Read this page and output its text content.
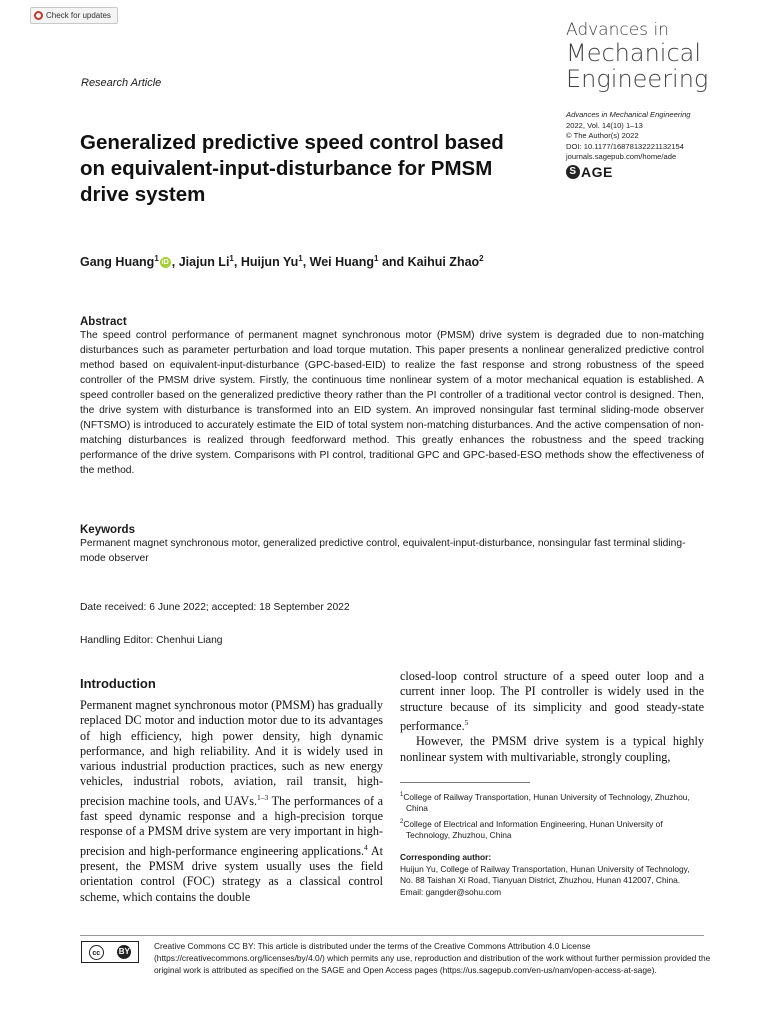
Check for updates
Advances in
Mechanical
Engineering
Research Article
Advances in Mechanical Engineering
2022, Vol. 14(10) 1–13
© The Author(s) 2022
DOI: 10.1177/16878132221132154
journals.sagepub.com/home/ade
S AGE
Generalized predictive speed control based on equivalent-input-disturbance for PMSM drive system
Gang Huang$^1$ iD , Jiajun Li$^1$, Huijun Yu$^1$, Wei Huang$^1$ and Kaihui Zhao$^2$
Abstract

The speed control performance of permanent magnet synchronous motor (PMSM) drive system is degraded due to non-matching disturbances such as parameter perturbation and load torque mutation. This paper presents a nonlinear generalized predictive control method based on equivalent-input-disturbance (GPC-based-EID) to realize the fast response and strong robustness of the speed controller of the PMSM drive system. Firstly, the continuous time nonlinear system of a motor mechanical equation is established. A speed controller based on the generalized predictive theory rather than the PI controller of a traditional vector control is designed. Then, the drive system with disturbance is transformed into an EID system. An improved nonsingular fast terminal sliding-mode observer (NFTSMO) is introduced to accurately estimate the EID of total system non-matching disturbances. And the active compensation of non-matching disturbances is realized through feedforward method. This greatly enhances the robustness and the speed tracking performance of the drive system. Comparisons with PI control, traditional GPC and GPC-based-ESO methods show the effectiveness of the method.

Keywords

Permanent magnet synchronous motor, generalized predictive control, equivalent-input-disturbance, nonsingular fast terminal sliding-mode observer

Date received: 6 June 2022; accepted: 18 September 2022
Handling Editor: Chenhui Liang
Introduction

Permanent magnet synchronous motor (PMSM) has gradually replaced DC motor and induction motor due to its advantages of high efficiency, high power density, high dynamic performance, and high reliability. And it is widely used in various industrial production practices, such as new energy vehicles, industrial robots, aviation, rail transit, high-precision machine tools, and UAVs.$^{1-3}$ The performances of a fast speed dynamic response and a high-precision torque response of a PMSM drive system are very important in high-precision and high-performance engineering applications.$^4$ At present, the PMSM drive system usually uses the field orientation control (FOC) strategy as a classical control scheme, which contains the double

closed-loop control structure of a speed outer loop and a current inner loop. The PI controller is widely used in the structure because of its simplicity and good steady-state performance.$^5$

However, the PMSM drive system is a typical highly nonlinear system with multivariable, strongly coupling,

$^1$College of Railway Transportation, Hunan University of Technology, Zhuzhou, China
$^2$College of Electrical and Information Engineering, Hunan University of Technology, Zhuzhou, China
Corresponding author:
Huijun Yu, College of Railway Transportation, Hunan University of Technology, No. 88 Taishan Xi Road, Tianyuan District, Zhuzhou, Hunan 412007, China.
Email: gangder@sohu.com
cc	BY
Creative Commons CC BY: This article is distributed under the terms of the Creative Commons Attribution 4.0 License (https://creativecommons.org/licenses/by/4.0/) which permits any use, reproduction and distribution of the work without further permission provided the original work is attributed as specified on the SAGE and Open Access pages (https://us.sagepub.com/en-us/nam/open-access-at-sage).
